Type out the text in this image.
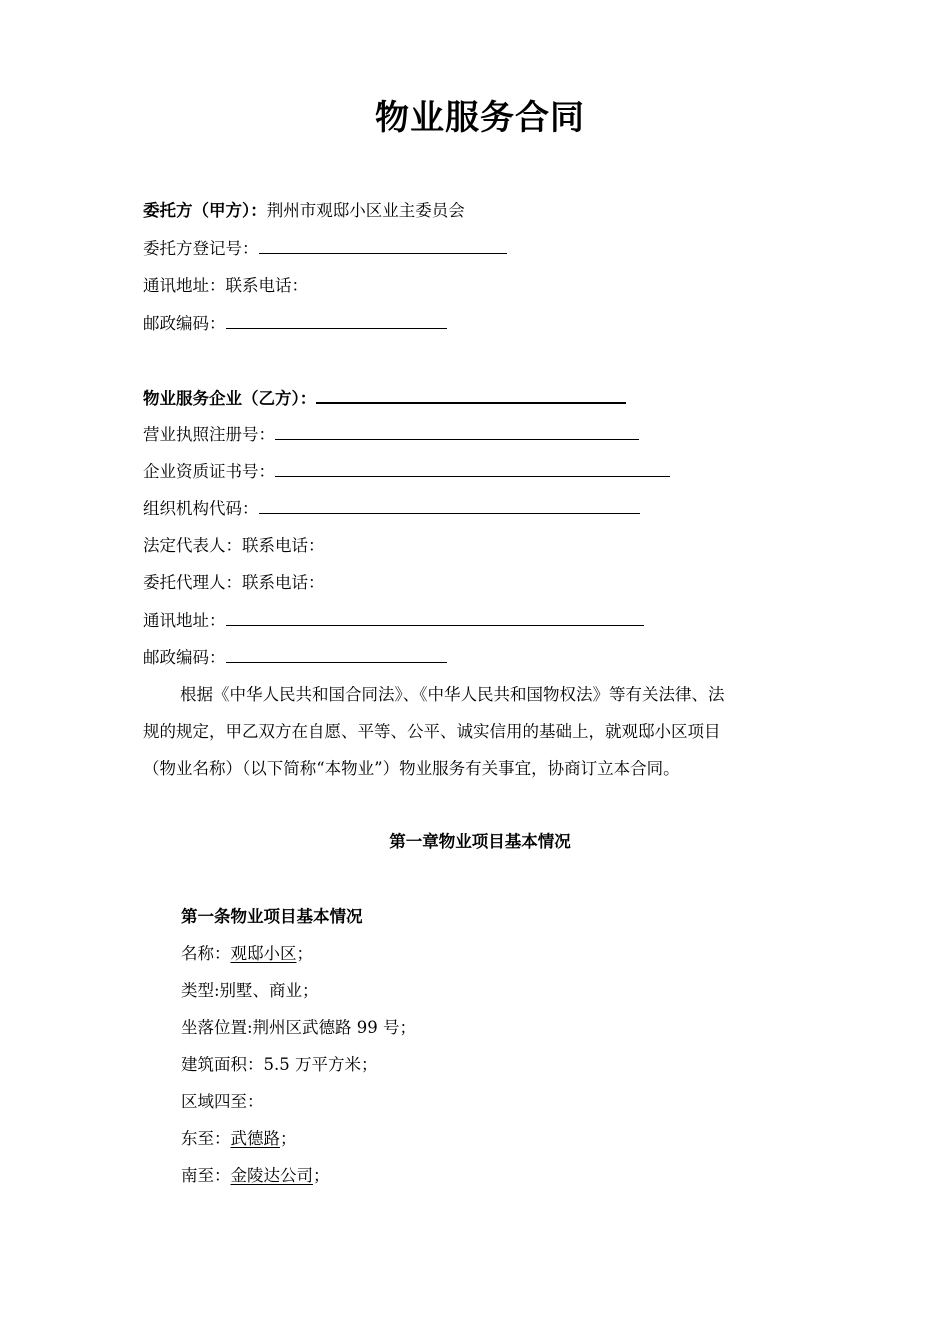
物业服务合同
委托方（甲方）：荆州市观邸小区业主委员会
委托方登记号：
通讯地址：联系电话：
邮政编码：
物业服务企业（乙方）：
营业执照注册号：
企业资质证书号：
组织机构代码：
法定代表人：联系电话：
委托代理人：联系电话：
通讯地址：
邮政编码：
根据《中华人民共和国合同法》、《中华人民共和国物权法》等有关法律、法
规的规定，甲乙双方在自愿、平等、公平、诚实信用的基础上，就观邸小区项目
（物业名称）（以下简称“本物业”）物业服务有关事宜，协商订立本合同。
第一章物业项目基本情况
第一条物业项目基本情况
名称：观邸小区；
类型:别墅、商业；
坐落位置:荆州区武德路 99 号；
建筑面积：5.5 万平方米；
区域四至：
东至：武德路；
南至：金陵达公司；
